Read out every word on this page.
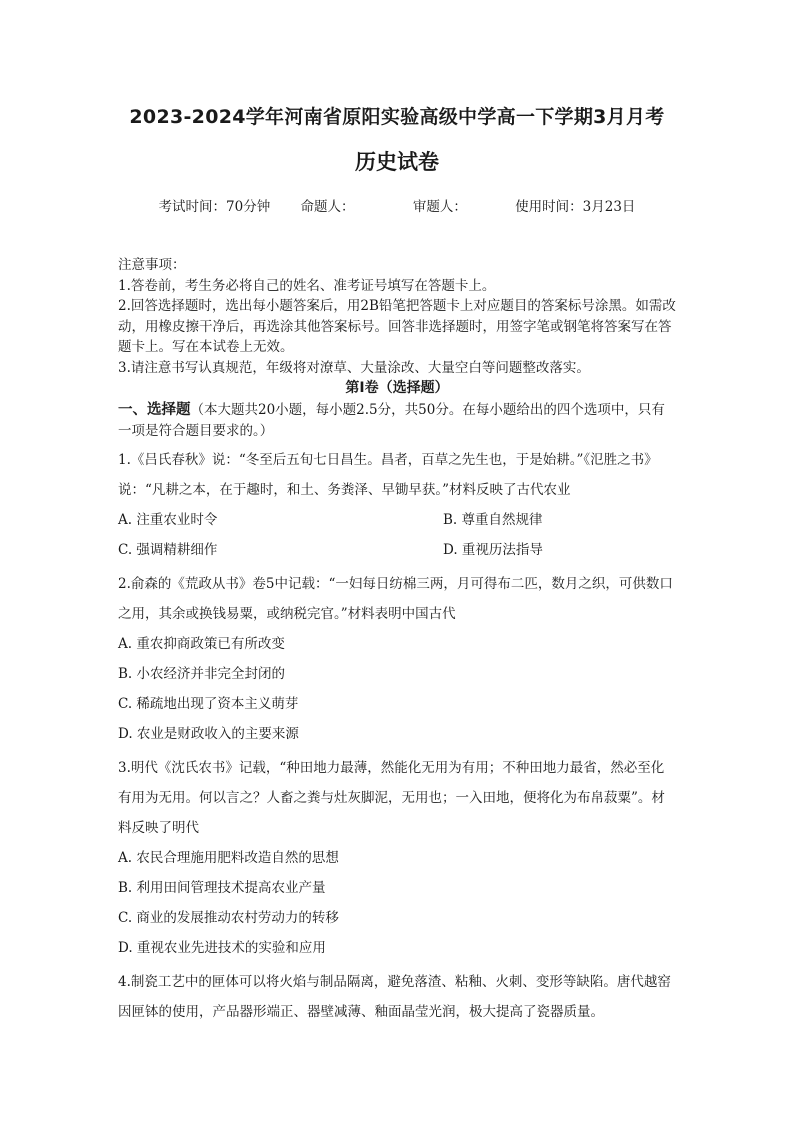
2023-2024学年河南省原阳实验高级中学高一下学期3月月考
历史试卷
考试时间：70分钟 命题人：	审题人：	使用时间：3月23日

注意事项：

1.答卷前，考生务必将自己的姓名、准考证号填写在答题卡上。

2.回答选择题时，选出每小题答案后，用2B铅笔把答题卡上对应题目的答案标号涂黑。如需改动，用橡皮擦干净后，再选涂其他答案标号。回答非选择题时，用签字笔或钢笔将答案写在答题卡上。写在本试卷上无效。

3.请注意书写认真规范，年级将对潦草、大量涂改、大量空白等问题整改落实。

第Ⅰ卷（选择题）

一、选择题（本大题共20小题，每小题2.5分，共50分。在每小题给出的四个选项中，只有一项是符合题目要求的。）

1.《吕氏春秋》说：“冬至后五旬七日昌生。昌者，百草之先生也，于是始耕。”《氾胜之书》说：“凡耕之本，在于趣时，和土、务粪泽、早锄早获。”材料反映了古代农业

A. 注重农业时令	B. 尊重自然规律
C. 强调精耕细作	D. 重视历法指导

2.俞森的《荒政从书》卷5中记载：“一妇每日纺棉三两，月可得布二匹，数月之织，可供数口之用，其余或换钱易粟，或纳税完官。”材料表明中国古代

A. 重农抑商政策已有所改变

B. 小农经济并非完全封闭的

C. 稀疏地出现了资本主义萌芽

D. 农业是财政收入的主要来源

3.明代《沈氏农书》记载，“种田地力最薄，然能化无用为有用；不种田地力最省，然必至化有用为无用。何以言之？人畜之粪与灶灰脚泥，无用也；一入田地，便将化为布帛菽粟”。材料反映了明代

A. 农民合理施用肥料改造自然的思想

B. 利用田间管理技术提高农业产量

C. 商业的发展推动农村劳动力的转移

D. 重视农业先进技术的实验和应用

4.制瓷工艺中的匣体可以将火焰与制品隔离，避免落渣、粘釉、火刺、变形等缺陷。唐代越窑因匣钵的使用，产品器形端正、器壁减薄、釉面晶莹光润，极大提高了瓷器质量。
